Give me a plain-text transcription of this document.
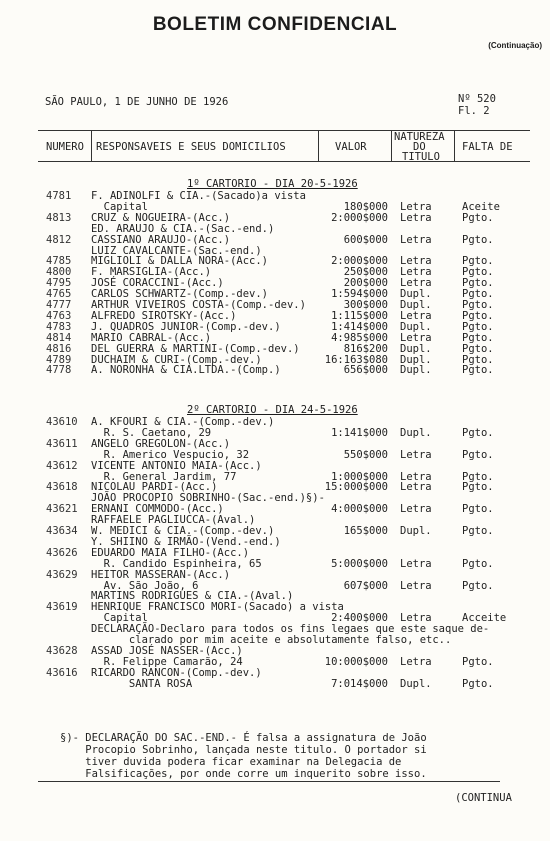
BOLETIM CONFIDENCIAL
(Continuação)
SÃO PAULO, 1 DE JUNHO DE 1926	Nº 520
Fl. 2
NUMERO RESPONSAVEIS E SEUS DOMICILIOS	VALOR
NATUREZA
DO
TITULO
FALTA DE
1º CARTORIO - DIA 20-5-1926
2º CARTORIO - DIA 24-5-1926
§)- DECLARAÇÃO DO SAC.-END.- É falsa a assignatura de João
Procopio Sobrinho, lançada neste titulo. O portador si
tiver duvida podera ficar examinar na Delegacia de
Falsificações, por onde corre um inquerito sobre isso.
(CONTINUA
4781 F. ADINOLFI & CIA.-(Sacado)a vista
Capital	180$000 Letra	Aceite
4813 CRUZ & NOGUEIRA-(Acc.)	2:000$000 Letra	Pgto.
ED. ARAUJO & CIA.-(Sac.-end.)
4812 CASSIANO ARAUJO-(Acc.)	600$000 Letra	Pgto.
LUIZ CAVALCANTE-(Sac.-end.)
4785 MIGLIOLI & DALLA NORA-(Acc.)	2:000$000 Letra	Pgto.
4800 F. MARSIGLIA-(Acc.)	250$000 Letra	Pgto.
4795 JOSÉ CORACCINI-(Acc.)	200$000 Letra	Pgto.
4765 CARLOS SCHWARTZ-(Comp.-dev.)	1:594$000 Dupl.	Pgto.
4777 ARTHUR VIVEIROS COSTA-(Comp.-dev.)	300$000 Dupl.	Pgto.
4763 ALFREDO SIROTSKY-(Acc.)	1:115$000 Letra	Pgto.
4783 J. QUADROS JUNIOR-(Comp.-dev.)	1:414$000 Dupl.	Pgto.
4814 MARIO CABRAL-(Acc.)	4:985$000 Letra	Pgto.
4816 DEL GUERRA & MARTINI-(Comp.-dev.)	816$200 Dupl.	Pgto.
4789 DUCHAIM & CURI-(Comp.-dev.)	16:163$080 Dupl.	Pgto.
4778 A. NORONHA & CIA.LTDA.-(Comp.)	656$000 Dupl.	Pgto.
43610 A. KFOURI & CIA.-(Comp.-dev.)
R. S. Caetano, 29	1:141$000 Dupl.	Pgto.
43611 ANGELO GREGOLON-(Acc.)
R. Americo Vespucio, 32	550$000 Letra	Pgto.
43612 VICENTE ANTONIO MAIA-(Acc.)
R. General Jardim, 77	1:000$000 Letra	Pgto.
43618 NICOLAU PARDI-(Acc.)	15:000$000 Letra	Pgto.
JOÃO PROCOPIO SOBRINHO-(Sac.-end.)§)-
43621 ERNANI COMMODO-(Acc.)	4:000$000 Letra	Pgto.
RAFFAELE PAGLIUCCA-(Aval.)
43634 W. MEDICI & CIA.-(Comp.-dev.)	165$000 Dupl.	Pgto.
Y. SHIINO & IRMÃO-(Vend.-end.)
43626 EDUARDO MAIA FILHO-(Acc.)
R. Candido Espinheira, 65	5:000$000 Letra	Pgto.
43629 HEITOR MASSERAN-(Acc.)
Av. São João, 6	607$000 Letra	Pgto.
MARTINS RODRIGUES & CIA.-(Aval.)
43619 HENRIQUE FRANCISCO MORI-(Sacado) a vista
Capital	2:400$000 Letra	Acceite
DECLARAÇÃO-Declaro para todos os fins legaes que este saque de-
clarado por mim aceite e absolutamente falso, etc..
43628 ASSAD JOSÉ NASSER-(Acc.)
R. Felippe Camarão, 24	10:000$000 Letra	Pgto.
43616 RICARDO RANCON-(Comp.-dev.)
SANTA ROSA	7:014$000 Dupl.	Pgto.
